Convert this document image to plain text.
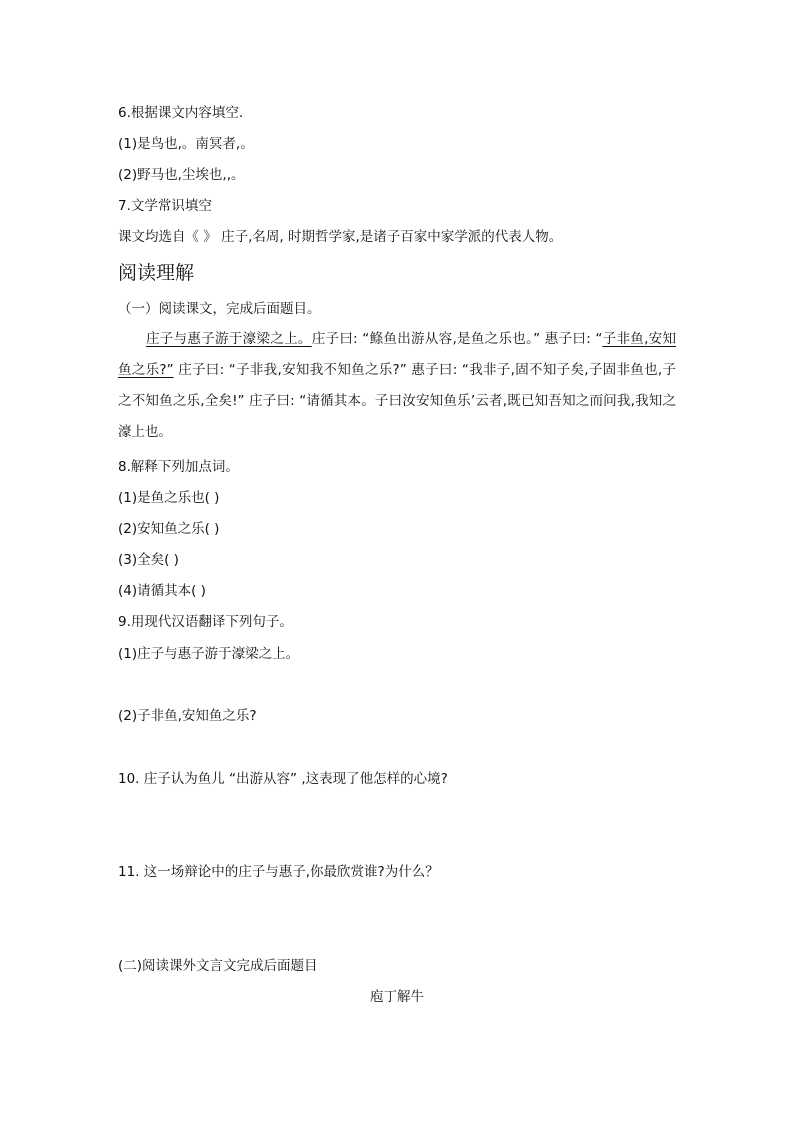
6.根据课文内容填空.
(1)是鸟也,。南冥者,。
(2)野马也,尘埃也,,。
7.文学常识填空
课文均选自《 》 庄子,名周, 时期哲学家,是诸子百家中家学派的代表人物。
阅读理解
（一）阅读课文，完成后面题目。
庄子与惠子游于濠梁之上。庄子曰: “鲦鱼出游从容,是鱼之乐也。” 惠子曰: “子非鱼,安知鱼之乐?” 庄子曰: “子非我,安知我不知鱼之乐?” 惠子曰: “我非子,固不知子矣,子固非鱼也,子之不知鱼之乐,全矣!” 庄子曰: “请循其本。子曰汝安知鱼乐’云者,既已知吾知之而问我,我知之濠上也。
8.解释下列加点词。
(1)是鱼之乐也( )
(2)安知鱼之乐( )
(3)全矣( )
(4)请循其本( )
9.用现代汉语翻译下列句子。
(1)庄子与惠子游于濠梁之上。
(2)子非鱼,安知鱼之乐?
10. 庄子认为鱼儿 “出游从容” ,这表现了他怎样的心境?
11. 这一场辩论中的庄子与惠子,你最欣赏谁?为什么？
(二)阅读课外文言文完成后面题目
庖丁解牛
